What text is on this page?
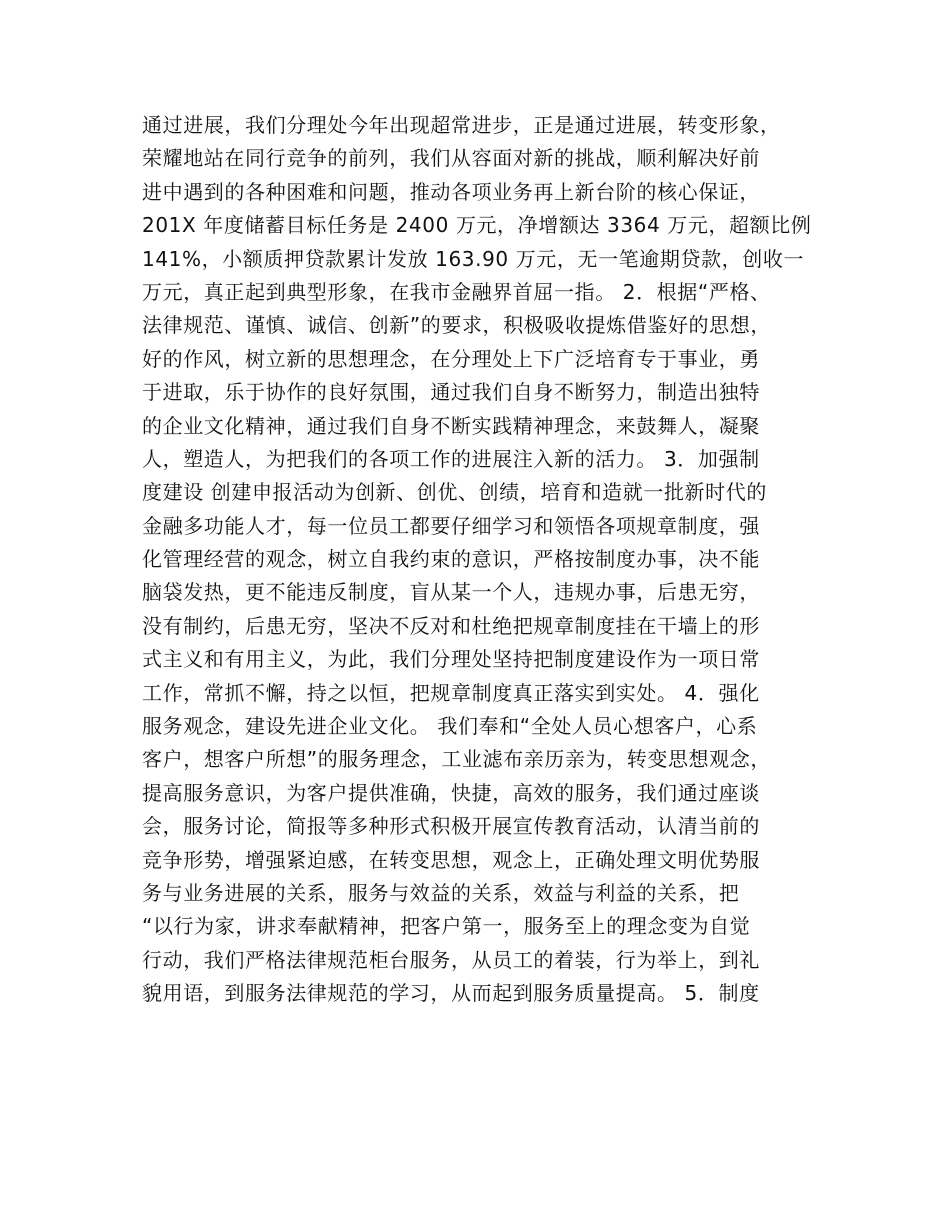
通过进展，我们分理处今年出现超常进步，正是通过进展，转变形象，
荣耀地站在同行竞争的前列，我们从容面对新的挑战，顺利解决好前
进中遇到的各种困难和问题，推动各项业务再上新台阶的核心保证，
201X 年度储蓄目标任务是 2400 万元，净增额达 3364 万元，超额比例
141%，小额质押贷款累计发放 163.90 万元，无一笔逾期贷款，创收一
万元，真正起到典型形象，在我市金融界首屈一指。 2．根据“严格、
法律规范、谨慎、诚信、创新”的要求，积极吸收提炼借鉴好的思想，
好的作风，树立新的思想理念，在分理处上下广泛培育专于事业，勇
于进取，乐于协作的良好氛围，通过我们自身不断努力，制造出独特
的企业文化精神，通过我们自身不断实践精神理念，来鼓舞人，凝聚
人，塑造人，为把我们的各项工作的进展注入新的活力。 3．加强制
度建设 创建申报活动为创新、创优、创绩，培育和造就一批新时代的
金融多功能人才，每一位员工都要仔细学习和领悟各项规章制度，强
化管理经营的观念，树立自我约束的意识，严格按制度办事，决不能
脑袋发热，更不能违反制度，盲从某一个人，违规办事，后患无穷，
没有制约，后患无穷，坚决不反对和杜绝把规章制度挂在干墙上的形
式主义和有用主义，为此，我们分理处坚持把制度建设作为一项日常
工作，常抓不懈，持之以恒，把规章制度真正落实到实处。 4．强化
服务观念，建设先进企业文化。 我们奉和“全处人员心想客户，心系
客户，想客户所想”的服务理念，工业滤布亲历亲为，转变思想观念，
提高服务意识，为客户提供准确，快捷，高效的服务，我们通过座谈
会，服务讨论，简报等多种形式积极开展宣传教育活动，认清当前的
竞争形势，增强紧迫感，在转变思想，观念上，正确处理文明优势服
务与业务进展的关系，服务与效益的关系，效益与利益的关系，把
“以行为家，讲求奉献精神，把客户第一，服务至上的理念变为自觉
行动，我们严格法律规范柜台服务，从员工的着装，行为举上，到礼
貌用语，到服务法律规范的学习，从而起到服务质量提高。 5．制度
